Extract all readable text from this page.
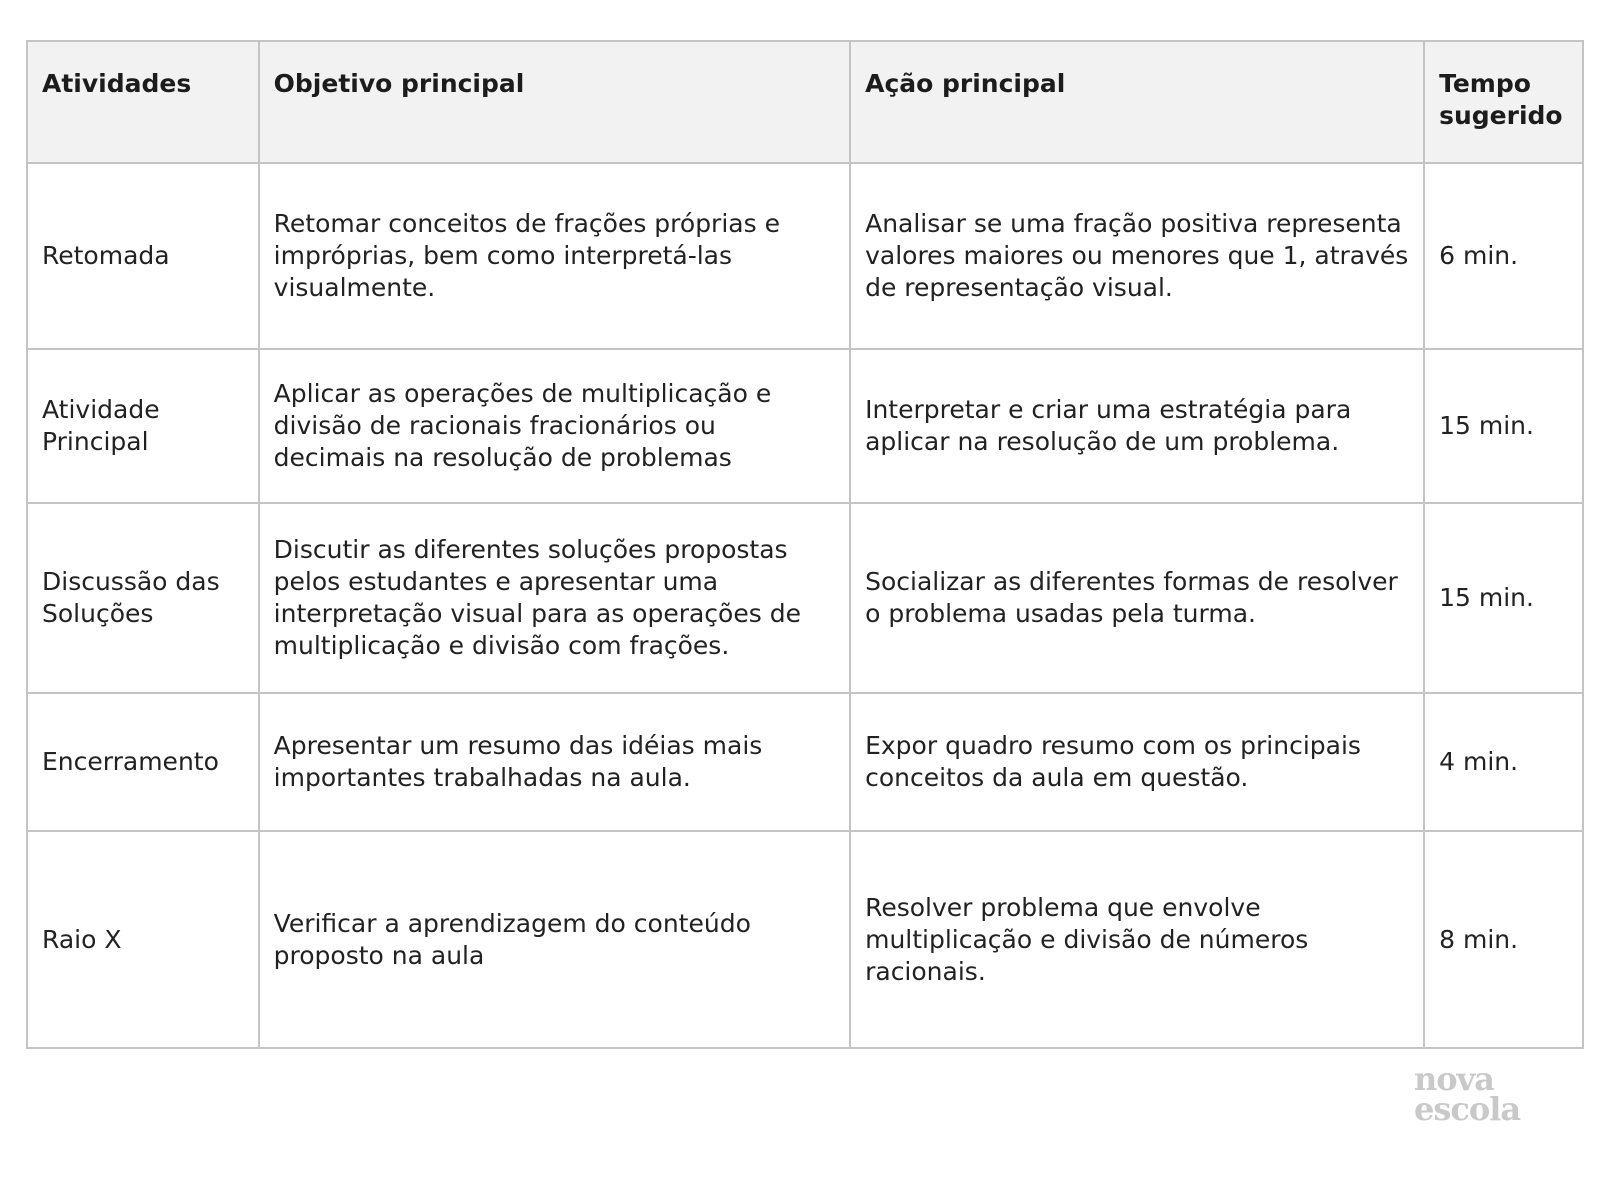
Atividades	Objetivo principal	Ação principal	Tempo sugerido
Retomada	Retomar conceitos de frações próprias e impróprias, bem como interpretá-las visualmente.	Analisar se uma fração positiva representa valores maiores ou menores que 1, através de representação visual.	6 min.
Atividade Principal	Aplicar as operações de multiplicação e divisão de racionais fracionários ou decimais na resolução de problemas	Interpretar e criar uma estratégia para aplicar na resolução de um problema.	15 min.
Discussão das Soluções	Discutir as diferentes soluções propostas pelos estudantes e apresentar uma interpretação visual para as operações de multiplicação e divisão com frações.	Socializar as diferentes formas de resolver o problema usadas pela turma.	15 min.
Encerramento	Apresentar um resumo das idéias mais importantes trabalhadas na aula.	Expor quadro resumo com os principais conceitos da aula em questão.	4 min.
Raio X	Verificar a aprendizagem do conteúdo proposto na aula	Resolver problema que envolve multiplicação e divisão de números racionais.	8 min.
nova
escola
